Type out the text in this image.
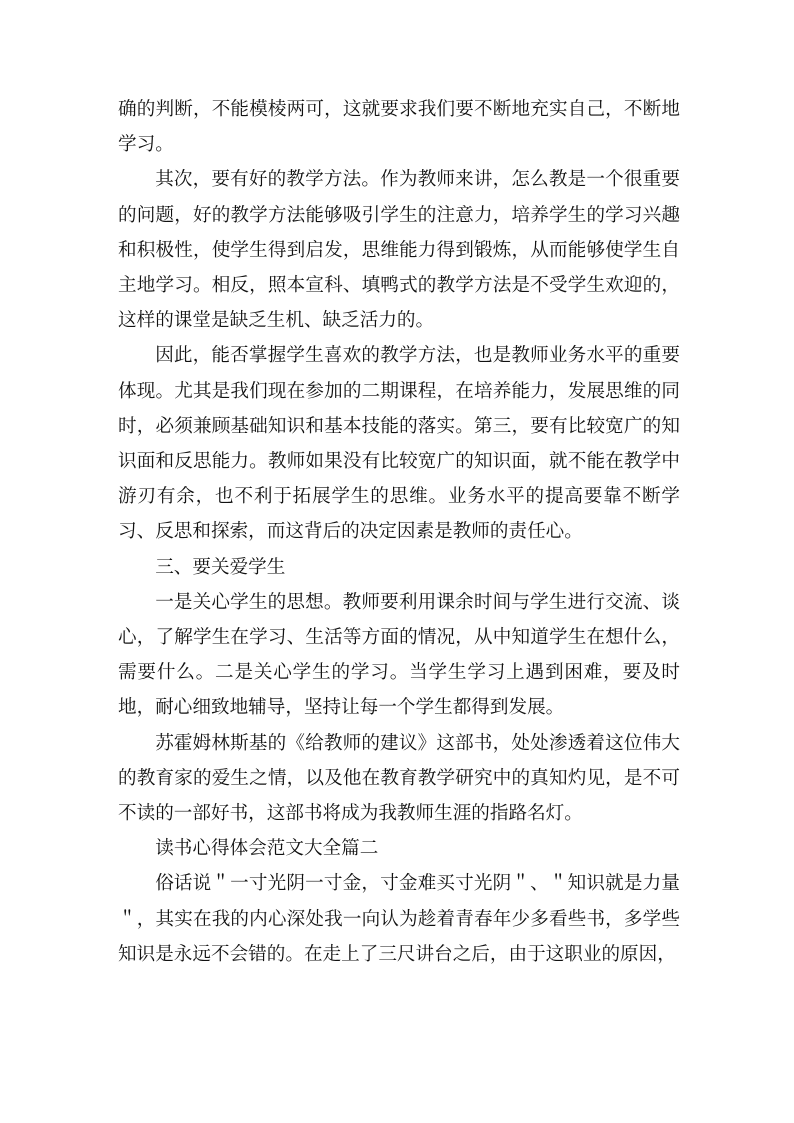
确的判断，不能模棱两可，这就要求我们要不断地充实自己，不断地学习。

其次，要有好的教学方法。作为教师来讲，怎么教是一个很重要的问题，好的教学方法能够吸引学生的注意力，培养学生的学习兴趣和积极性，使学生得到启发，思维能力得到锻炼，从而能够使学生自主地学习。相反，照本宣科、填鸭式的教学方法是不受学生欢迎的，这样的课堂是缺乏生机、缺乏活力的。

因此，能否掌握学生喜欢的教学方法，也是教师业务水平的重要体现。尤其是我们现在参加的二期课程，在培养能力，发展思维的同时，必须兼顾基础知识和基本技能的落实。第三，要有比较宽广的知识面和反思能力。教师如果没有比较宽广的知识面，就不能在教学中游刃有余，也不利于拓展学生的思维。业务水平的提高要靠不断学习、反思和探索，而这背后的决定因素是教师的责任心。

三、要关爱学生

一是关心学生的思想。教师要利用课余时间与学生进行交流、谈心，了解学生在学习、生活等方面的情况，从中知道学生在想什么，需要什么。二是关心学生的学习。当学生学习上遇到困难，要及时地，耐心细致地辅导，坚持让每一个学生都得到发展。

苏霍姆林斯基的《给教师的建议》这部书，处处渗透着这位伟大的教育家的爱生之情，以及他在教育教学研究中的真知灼见，是不可不读的一部好书，这部书将成为我教师生涯的指路名灯。

读书心得体会范文大全篇二

俗话说＂一寸光阴一寸金，寸金难买寸光阴＂、＂知识就是力量＂，其实在我的内心深处我一向认为趁着青春年少多看些书，多学些知识是永远不会错的。在走上了三尺讲台之后，由于这职业的原因，
